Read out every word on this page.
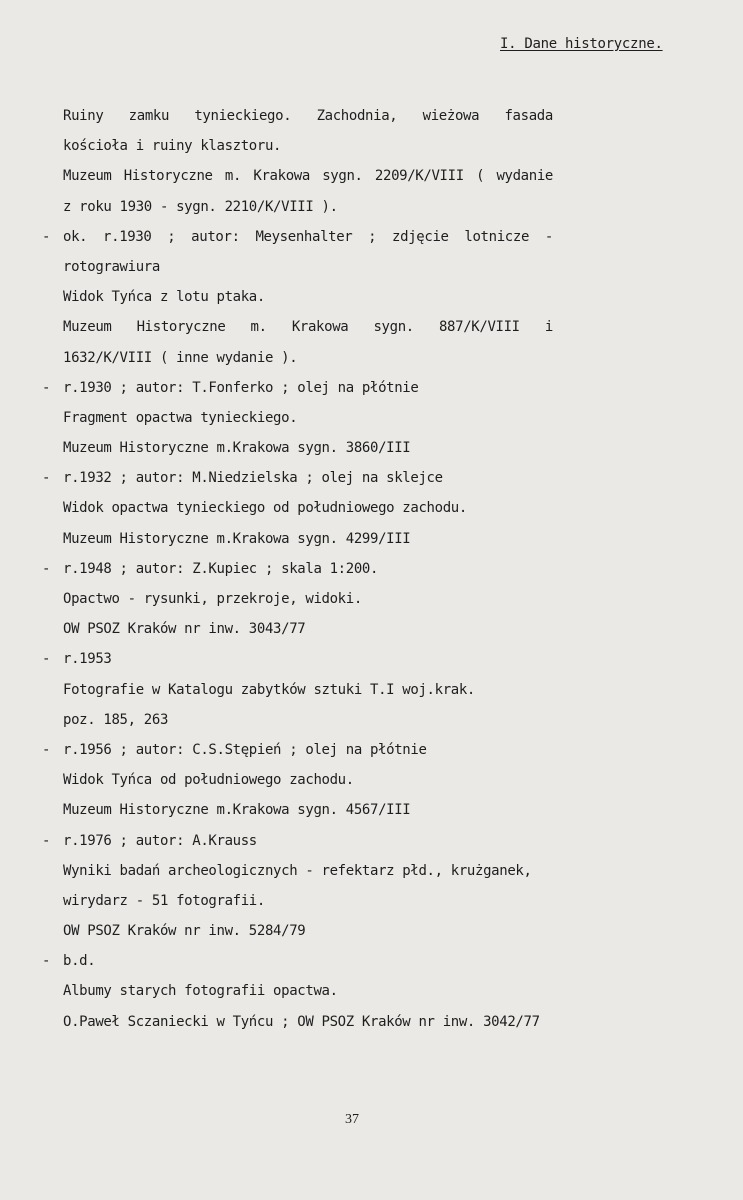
I. Dane historyczne.
Ruiny zamku tynieckiego. Zachodnia, wieżowa fasada
kościoła i ruiny klasztoru.
Muzeum Historyczne m. Krakowa sygn. 2209/K/VIII ( wydanie
z roku 1930 - sygn. 2210/K/VIII ).
- ok. r.1930 ; autor: Meysenhalter ; zdjęcie lotnicze -
rotograwiura
Widok Tyńca z lotu ptaka.
Muzeum Historyczne m. Krakowa sygn. 887/K/VIII i
1632/K/VIII ( inne wydanie ).
- r.1930 ; autor: T.Fonferko ; olej na płótnie
Fragment opactwa tynieckiego.
Muzeum Historyczne m.Krakowa sygn. 3860/III
- r.1932 ; autor: M.Niedzielska ; olej na sklejce
Widok opactwa tynieckiego od południowego zachodu.
Muzeum Historyczne m.Krakowa sygn. 4299/III
- r.1948 ; autor: Z.Kupiec ; skala 1:200.
Opactwo - rysunki, przekroje, widoki.
OW PSOZ Kraków nr inw. 3043/77
- r.1953
Fotografie w Katalogu zabytków sztuki T.I woj.krak.
poz. 185, 263
- r.1956 ; autor: C.S.Stępień ; olej na płótnie
Widok Tyńca od południowego zachodu.
Muzeum Historyczne m.Krakowa sygn. 4567/III
- r.1976 ; autor: A.Krauss
Wyniki badań archeologicznych - refektarz płd., krużganek,
wirydarz - 51 fotografii.
OW PSOZ Kraków nr inw. 5284/79
- b.d.
Albumy starych fotografii opactwa.
O.Paweł Sczaniecki w Tyńcu ; OW PSOZ Kraków nr inw. 3042/77
37
